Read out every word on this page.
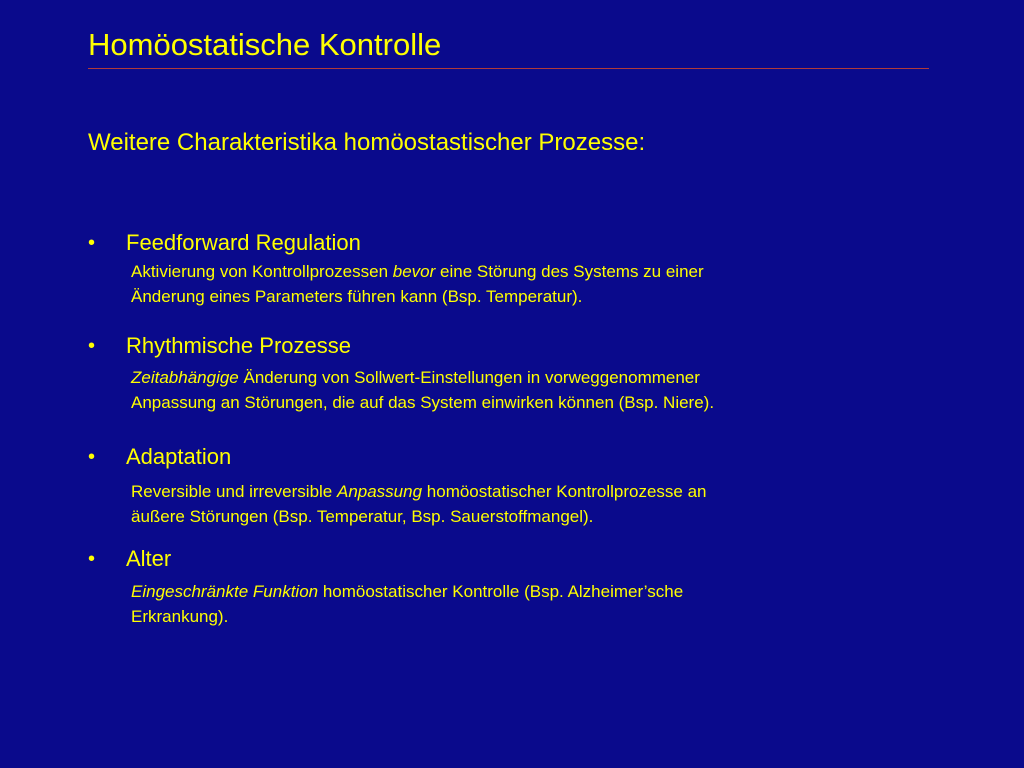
Homöostatische Kontrolle
Weitere Charakteristika homöostastischer Prozesse:
• Feedforward Regulation
Aktivierung von Kontrollprozessen bevor eine Störung des Systems zu einer
Änderung eines Parameters führen kann (Bsp. Temperatur).
• Rhythmische Prozesse
Zeitabhängige Änderung von Sollwert-Einstellungen in vorweggenommener
Anpassung an Störungen, die auf das System einwirken können (Bsp. Niere).
• Adaptation
Reversible und irreversible Anpassung homöostatischer Kontrollprozesse an
äußere Störungen (Bsp. Temperatur, Bsp. Sauerstoffmangel).
• Alter
Eingeschränkte Funktion homöostatischer Kontrolle (Bsp. Alzheimer’sche
Erkrankung).
